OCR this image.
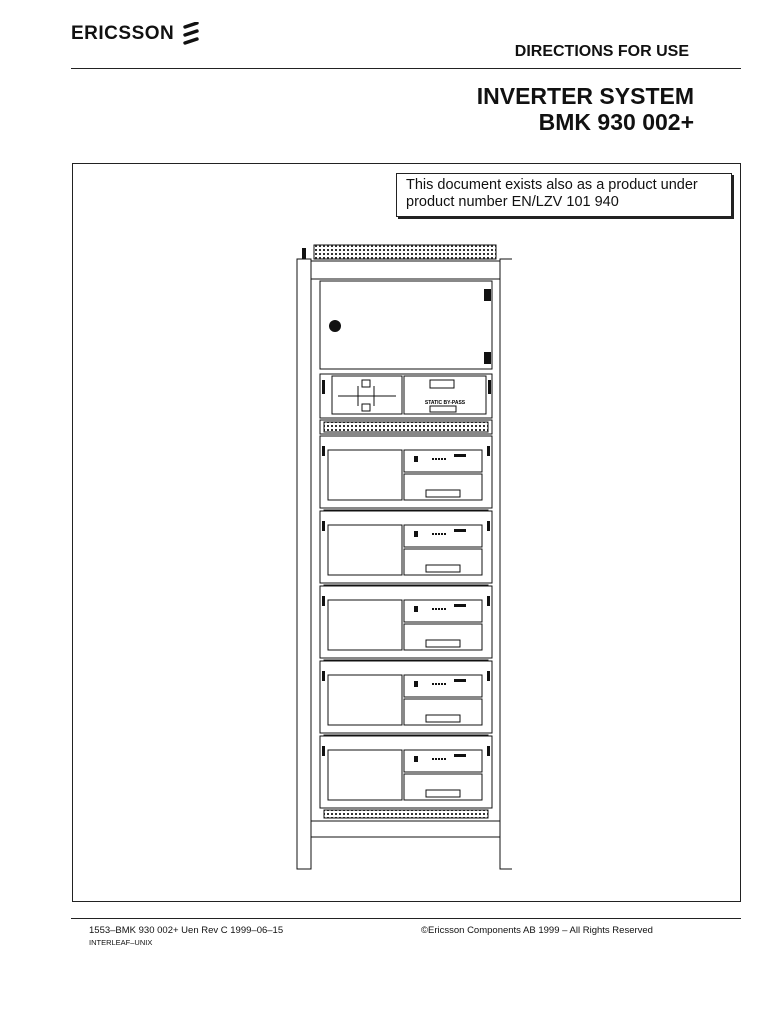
ERICSSON
DIRECTIONS FOR USE
INVERTER SYSTEM
BMK 930 002+
This document exists also as a product under product number EN/LZV 101 940
STATIC BY-PASS
1553–BMK 930 002+ Uen Rev C 1999–06–15
INTERLEAF–UNIX
©Ericsson Components AB 1999 – All Rights Reserved
